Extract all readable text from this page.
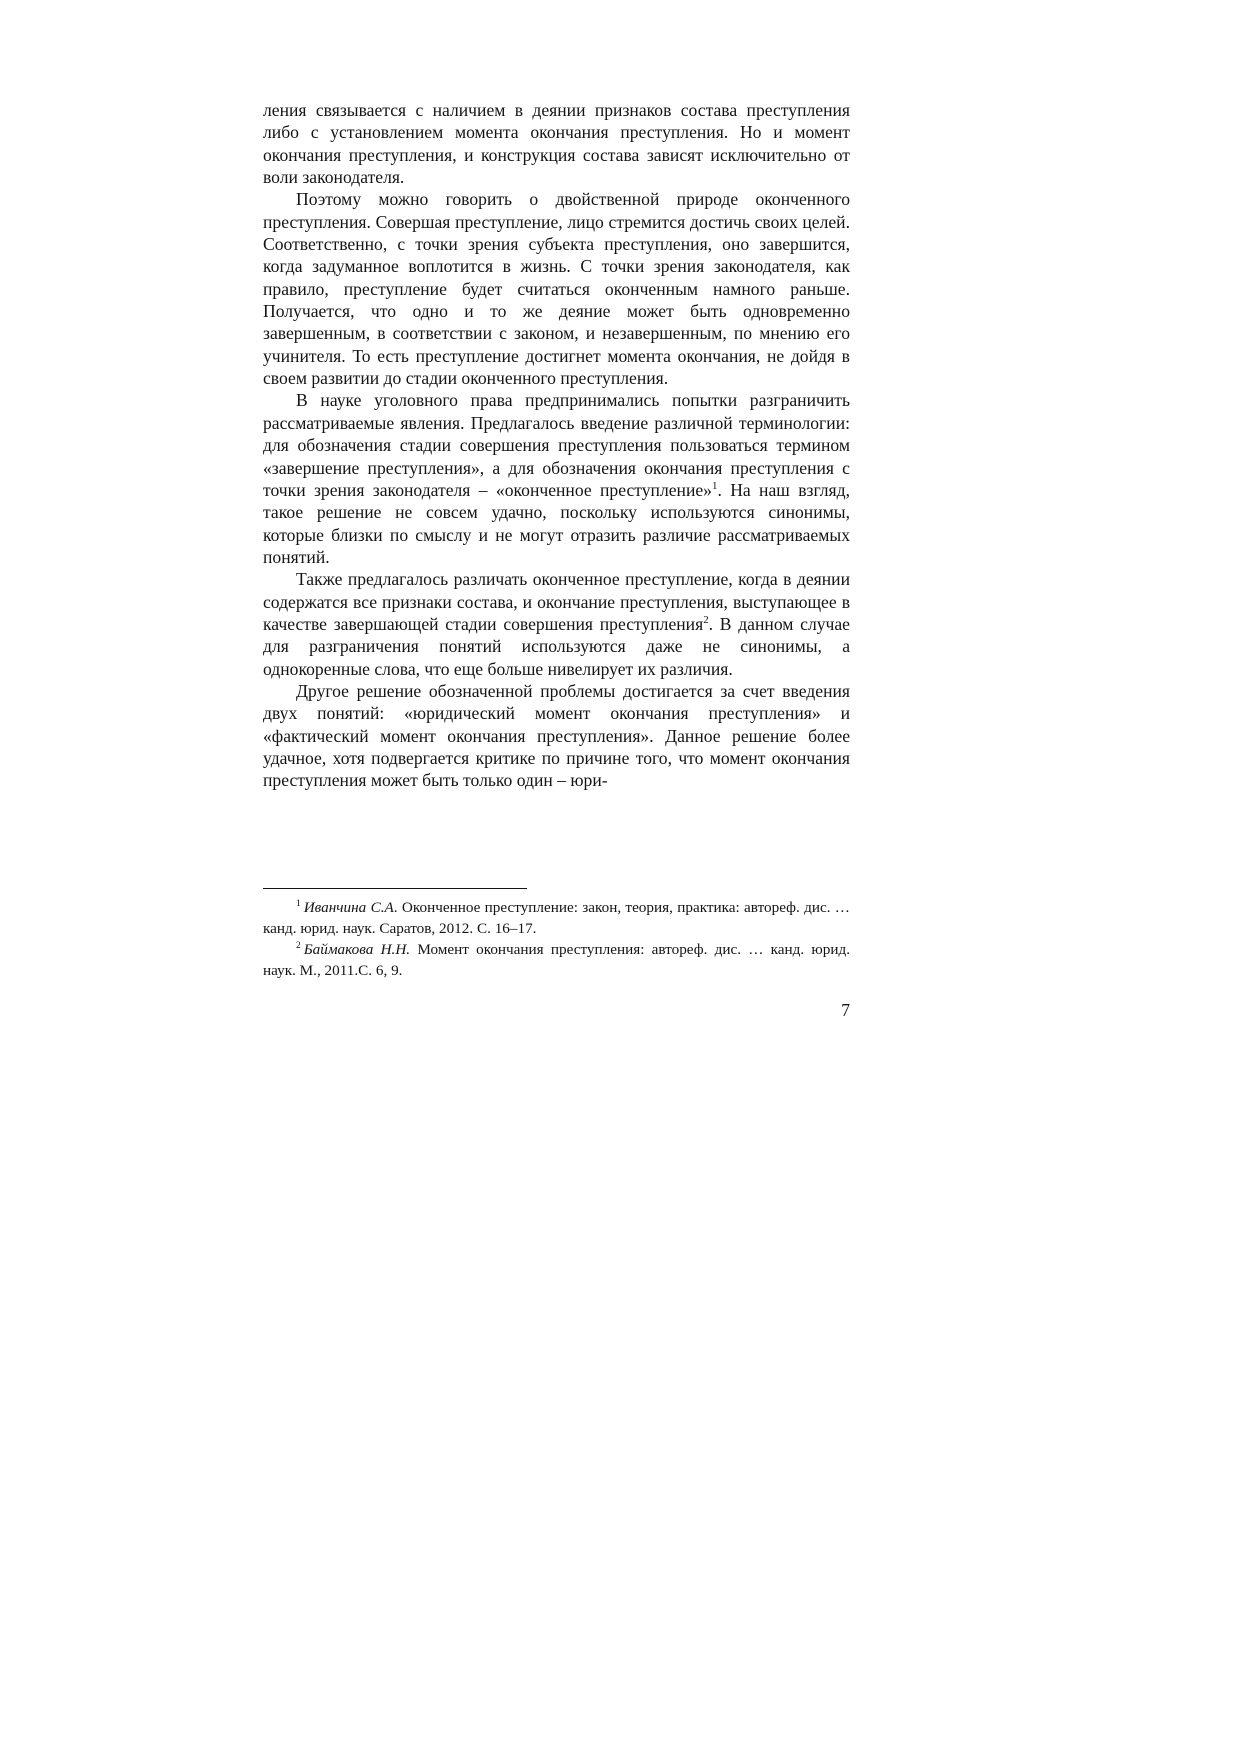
ления связывается с наличием в деянии признаков состава преступления либо с установлением момента окончания преступления. Но и момент окончания преступления, и конструкция состава зависят исключительно от воли законодателя.

Поэтому можно говорить о двойственной природе оконченного преступления. Совершая преступление, лицо стремится достичь своих целей. Соответственно, с точки зрения субъекта преступления, оно завершится, когда задуманное воплотится в жизнь. С точки зрения законодателя, как правило, преступление будет считаться оконченным намного раньше. Получается, что одно и то же деяние может быть одновременно завершенным, в соответствии с законом, и незавершенным, по мнению его учинителя. То есть преступление достигнет момента окончания, не дойдя в своем развитии до стадии оконченного преступления.

В науке уголовного права предпринимались попытки разграничить рассматриваемые явления. Предлагалось введение различной терминологии: для обозначения стадии совершения преступления пользоваться термином «завершение преступления», а для обозначения окончания преступления с точки зрения законодателя – «оконченное преступление»$^1$. На наш взгляд, такое решение не совсем удачно, поскольку используются синонимы, которые близки по смыслу и не могут отразить различие рассматриваемых понятий.

Также предлагалось различать оконченное преступление, когда в деянии содержатся все признаки состава, и окончание преступления, выступающее в качестве завершающей стадии совершения преступления$^2$. В данном случае для разграничения понятий используются даже не синонимы, а однокоренные слова, что еще больше нивелирует их различия.

Другое решение обозначенной проблемы достигается за счет введения двух понятий: «юридический момент окончания преступления» и «фактический момент окончания преступления». Данное решение более удачное, хотя подвергается критике по причине того, что момент окончания преступления может быть только один – юри-

$^1$ Иванчина С.А. Оконченное преступление: закон, теория, практика: автореф. дис. … канд. юрид. наук. Саратов, 2012. С. 16–17.

$^2$ Баймакова Н.Н. Момент окончания преступления: автореф. дис. … канд. юрид. наук. М., 2011.С. 6, 9.

7
